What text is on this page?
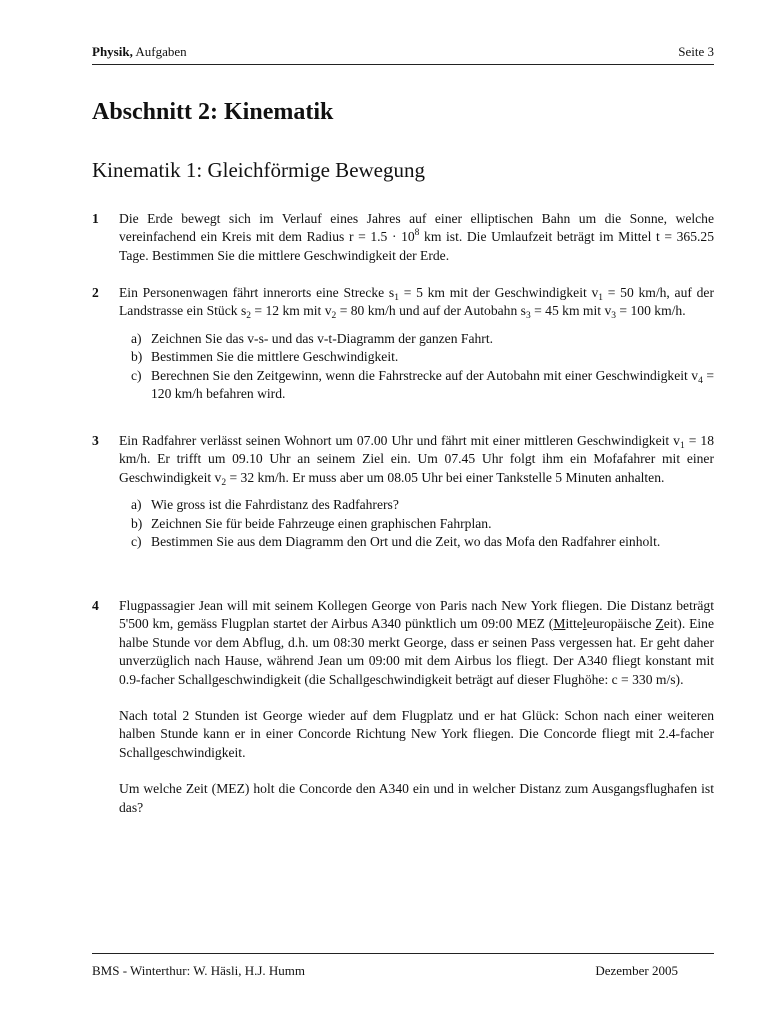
Physik, Aufgaben	Seite 3
Abschnitt 2: Kinematik
Kinematik 1: Gleichförmige Bewegung
1	Die Erde bewegt sich im Verlauf eines Jahres auf einer elliptischen Bahn um die Sonne, welche vereinfachend ein Kreis mit dem Radius $r = 1.5 \cdot 10^8$ km ist. Die Umlaufzeit beträgt im Mittel t = 365.25 Tage. Bestimmen Sie die mittlere Geschwindigkeit der Erde.

2	Ein Personenwagen fährt innerorts eine Strecke $s_1 = 5$ km mit der Geschwindigkeit $v_1 = 50$ km/h, auf der Landstrasse ein Stück $s_2 = 12$ km mit $v_2 = 80$ km/h und auf der Autobahn $s_3 = 45$ km mit $v_3 = 100$ km/h.

a) Zeichnen Sie das v-s- und das v-t-Diagramm der ganzen Fahrt.
b) Bestimmen Sie die mittlere Geschwindigkeit.
c) Berechnen Sie den Zeitgewinn, wenn die Fahrstrecke auf der Autobahn mit einer Geschwindigkeit $v_4 = 120$ km/h befahren wird.
3	Ein Radfahrer verlässt seinen Wohnort um 07.00 Uhr und fährt mit einer mittleren Geschwindigkeit $v_1 = 18$ km/h. Er trifft um 09.10 Uhr an seinem Ziel ein. Um 07.45 Uhr folgt ihm ein Mofafahrer mit einer Geschwindigkeit $v_2 = 32$ km/h. Er muss aber um 08.05 Uhr bei einer Tankstelle 5 Minuten anhalten.

a) Wie gross ist die Fahrdistanz des Radfahrers?
b) Zeichnen Sie für beide Fahrzeuge einen graphischen Fahrplan.
c) Bestimmen Sie aus dem Diagramm den Ort und die Zeit, wo das Mofa den Radfahrer einholt.
4	Flugpassagier Jean will mit seinem Kollegen George von Paris nach New York fliegen. Die Distanz beträgt 5'500 km, gemäss Flugplan startet der Airbus A340 pünktlich um 09:00 MEZ (Mitteleuropäische Zeit). Eine halbe Stunde vor dem Abflug, d.h. um 08:30 merkt George, dass er seinen Pass vergessen hat. Er geht daher unverzüglich nach Hause, während Jean um 09:00 mit dem Airbus los fliegt. Der A340 fliegt konstant mit 0.9-facher Schallgeschwindigkeit (die Schallgeschwindigkeit beträgt auf dieser Flughöhe: c = 330 m/s).

Nach total 2 Stunden ist George wieder auf dem Flugplatz und er hat Glück: Schon nach einer weiteren halben Stunde kann er in einer Concorde Richtung New York fliegen. Die Concorde fliegt mit 2.4-facher Schallgeschwindigkeit.

Um welche Zeit (MEZ) holt die Concorde den A340 ein und in welcher Distanz zum Ausgangsflughafen ist das?

BMS - Winterthur: W. Häsli, H.J. Humm	Dezember 2005
